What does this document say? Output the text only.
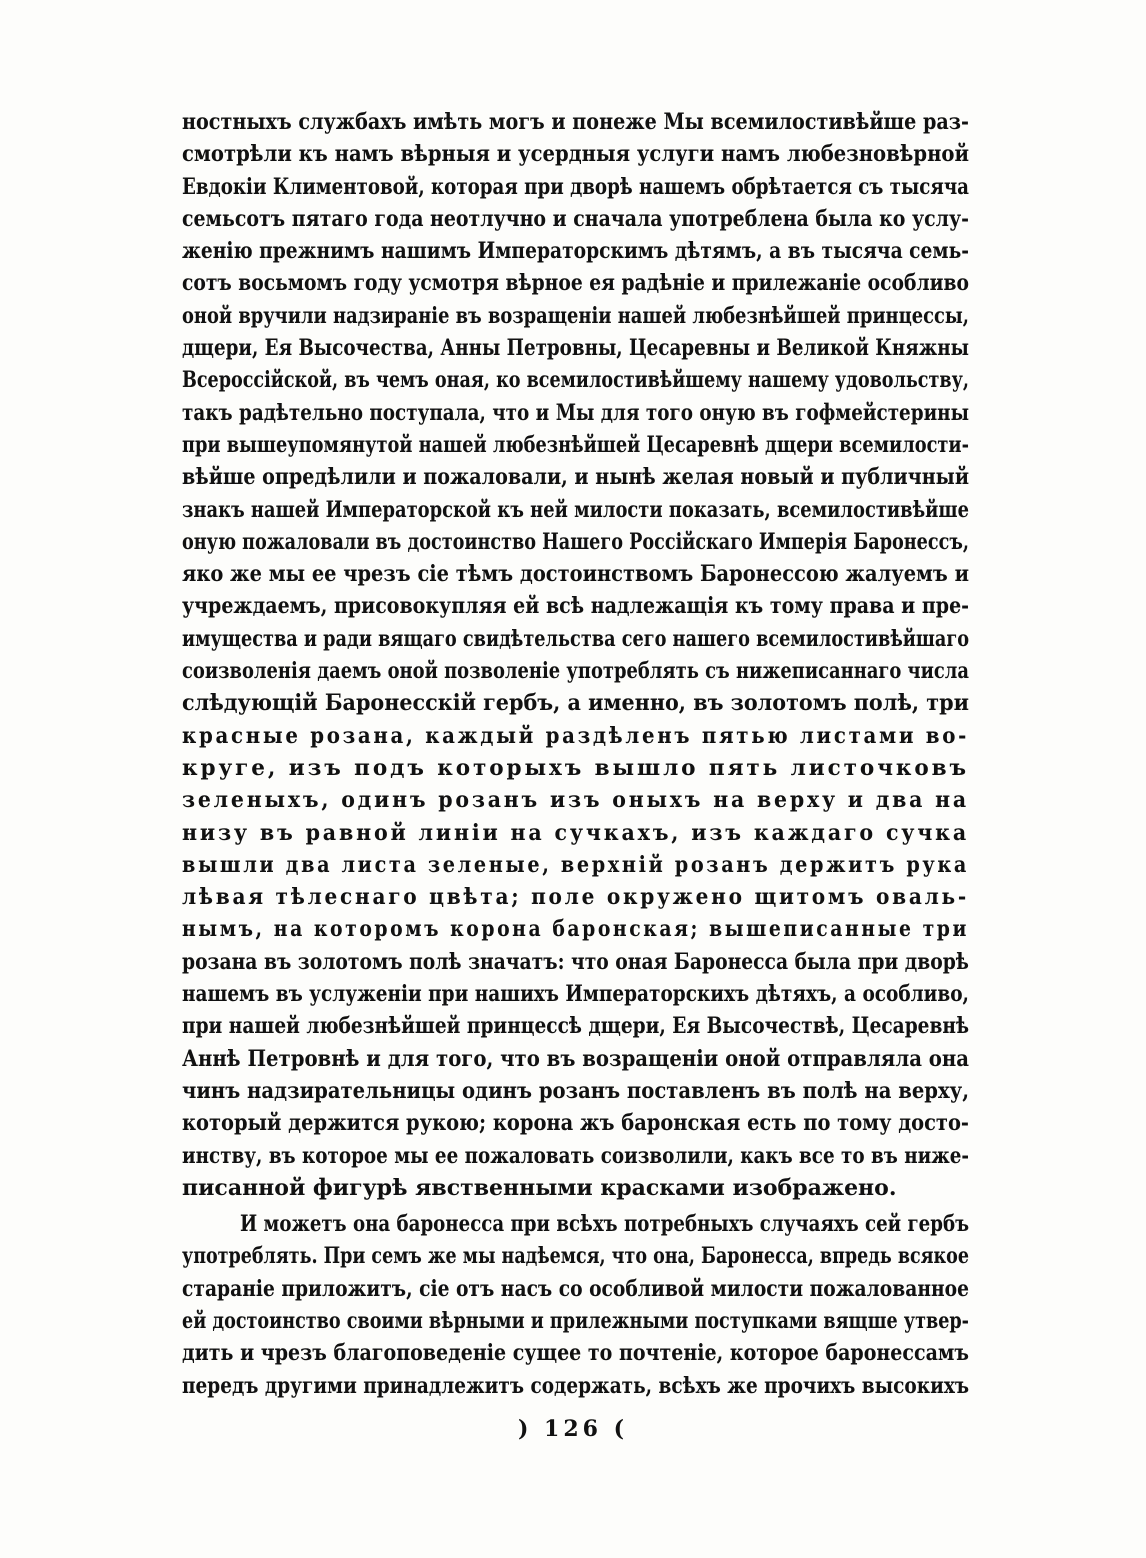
ностныхъ службахъ имѣть могъ и понеже Мы всемилостивѣйше раз-
смотрѣли къ намъ вѣрныя и усердныя услуги намъ любезновѣрной
Евдокіи Климентовой, которая при дворѣ нашемъ обрѣтается съ тысяча
семьсотъ пятаго года неотлучно и сначала употреблена была ко услу-
женію прежнимъ нашимъ Императорскимъ дѣтямъ, а въ тысяча семь-
сотъ восьмомъ году усмотря вѣрное ея радѣніе и прилежаніе особливо
оной вручили надзираніе въ возращеніи нашей любезнѣйшей принцессы,
дщери, Ея Высочества, Анны Петровны, Цесаревны и Великой Княжны
Всероссійской, въ чемъ оная, ко всемилостивѣйшему нашему удовольству,
такъ радѣтельно поступала, что и Мы для того оную въ гофмейстерины
при вышеупомянутой нашей любезнѣйшей Цесаревнѣ дщери всемилости-
вѣйше опредѣлили и пожаловали, и нынѣ желая новый и публичный
знакъ нашей Императорской къ ней милости показать, всемилостивѣйше
оную пожаловали въ достоинство Нашего Россійскаго Имперія Баронессъ,
яко же мы ее чрезъ сіе тѣмъ достоинствомъ Баронессою жалуемъ и
учреждаемъ, присовокупляя ей всѣ надлежащія къ тому права и пре-
имущества и ради вящаго свидѣтельства сего нашего всемилостивѣйшаго
соизволенія даемъ оной позволеніе употреблять съ нижеписаннаго числа
слѣдующій Баронесскій гербъ, а именно, въ золотомъ полѣ, три
красные розана, каждый раздѣленъ пятью листами во-
круге, изъ подъ которыхъ вышло пять листочковъ
зеленыхъ, одинъ розанъ изъ оныхъ на верху и два на
низу въ равной линіи на сучкахъ, изъ каждаго сучка
вышли два листа зеленые, верхній розанъ держитъ рука
лѣвая тѣлеснаго цвѣта; поле окружено щитомъ оваль-
нымъ, на которомъ корона баронская; вышеписанные три
розана въ золотомъ полѣ значатъ: что оная Баронесса была при дворѣ
нашемъ въ услуженіи при нашихъ Императорскихъ дѣтяхъ, а особливо,
при нашей любезнѣйшей принцессѣ дщери, Ея Высочествѣ, Цесаревнѣ
Аннѣ Петровнѣ и для того, что въ возращеніи оной отправляла она
чинъ надзирательницы одинъ розанъ поставленъ въ полѣ на верху,
который держится рукою; корона жъ баронская есть по тому досто-
инству, въ которое мы ее пожаловать соизволили, какъ все то въ ниже-
писанной фигурѣ явственными красками изображено.
И можетъ она баронесса при всѣхъ потребныхъ случаяхъ сей гербъ
употреблять. При семъ же мы надѣемся, что она, Баронесса, впредь всякое
стараніе приложитъ, сіе отъ насъ со особливой милости пожалованное
ей достоинство своими вѣрными и прилежными поступками вящше утвер-
дить и чрезъ благоповеденіе сущее то почтеніе, которое баронессамъ
передъ другими принадлежитъ содержать, всѣхъ же прочихъ высокихъ
) 126 (
